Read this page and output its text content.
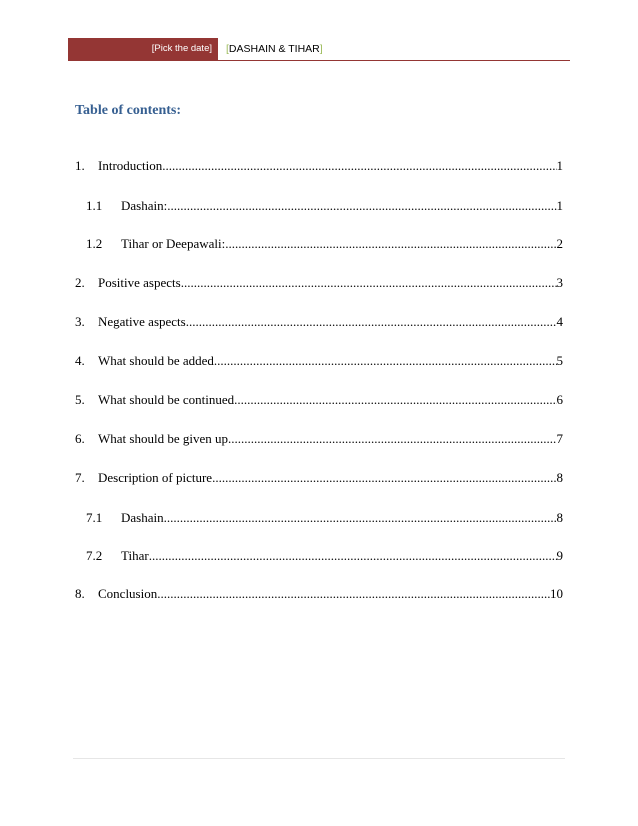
[Pick the date]	[DASHAIN & TIHAR]
Table of contents:
1.	Introduction .....	1
1.1	Dashain: .....	1
1.2	Tihar or Deepawali: .....	2
2.	Positive aspects .....	3
3.	Negative aspects .....	4
4.	What should be added .....	5
5.	What should be continued .....	6
6.	What should be given up .....	7
7.	Description of picture .....	8
7.1	Dashain .....	8
7.2	Tihar .....	9
8.	Conclusion .....	10
